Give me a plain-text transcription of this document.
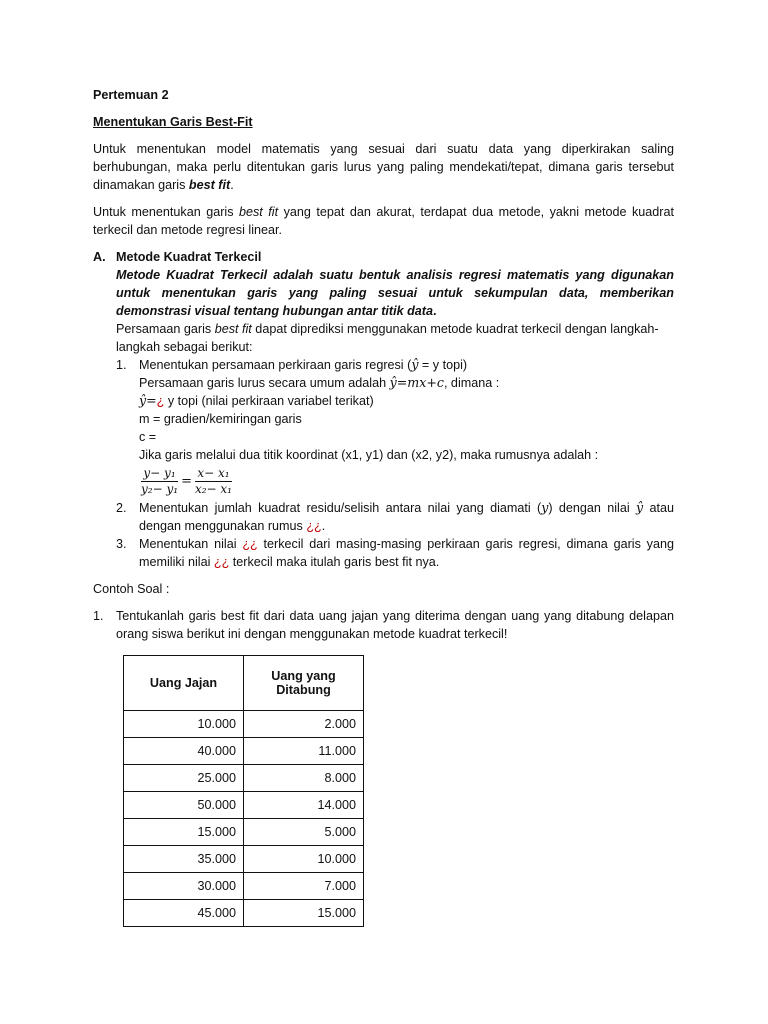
Pertemuan 2

Menentukan Garis Best-Fit

Untuk menentukan model matematis yang sesuai dari suatu data yang diperkirakan saling berhubungan, maka perlu ditentukan garis lurus yang paling mendekati/tepat, dimana garis tersebut dinamakan garis best fit.

Untuk menentukan garis best fit yang tepat dan akurat, terdapat dua metode, yakni metode kuadrat terkecil dan metode regresi linear.

A. Metode Kuadrat Terkecil

Metode Kuadrat Terkecil adalah suatu bentuk analisis regresi matematis yang digunakan untuk menentukan garis yang paling sesuai untuk sekumpulan data, memberikan demonstrasi visual tentang hubungan antar titik data.

Persamaan garis best fit dapat diprediksi menggunakan metode kuadrat terkecil dengan langkah-langkah sebagai berikut:

1. Menentukan persamaan perkiraan garis regresi (ŷ = y topi)

Persamaan garis lurus secara umum adalah ŷ=mx+c, dimana :

ŷ=¿ y topi (nilai perkiraan variabel terikat)

m = gradien/kemiringan garis

c =

Jika garis melalui dua titik koordinat (x1, y1) dan (x2, y2), maka rumusnya adalah :

$\frac{\text{y− y₁}}{\text{y₂− y₁}} = \frac{\text{x− x₁}}{\text{x₂− x₁}}$
2. Menentukan jumlah kuadrat residu/selisih antara nilai yang diamati (y) dengan nilai ŷ atau dengan menggunakan rumus ¿¿.

3. Menentukan nilai ¿¿ terkecil dari masing-masing perkiraan garis regresi, dimana garis yang memiliki nilai ¿¿ terkecil maka itulah garis best fit nya.

Contoh Soal :

1. Tentukanlah garis best fit dari data uang jajan yang diterima dengan uang yang ditabung delapan orang siswa berikut ini dengan menggunakan metode kuadrat terkecil!

Uang Jajan	Uang yang Ditabung
10.000	2.000
40.000	11.000
25.000	8.000
50.000	14.000
15.000	5.000
35.000	10.000
30.000	7.000
45.000	15.000
